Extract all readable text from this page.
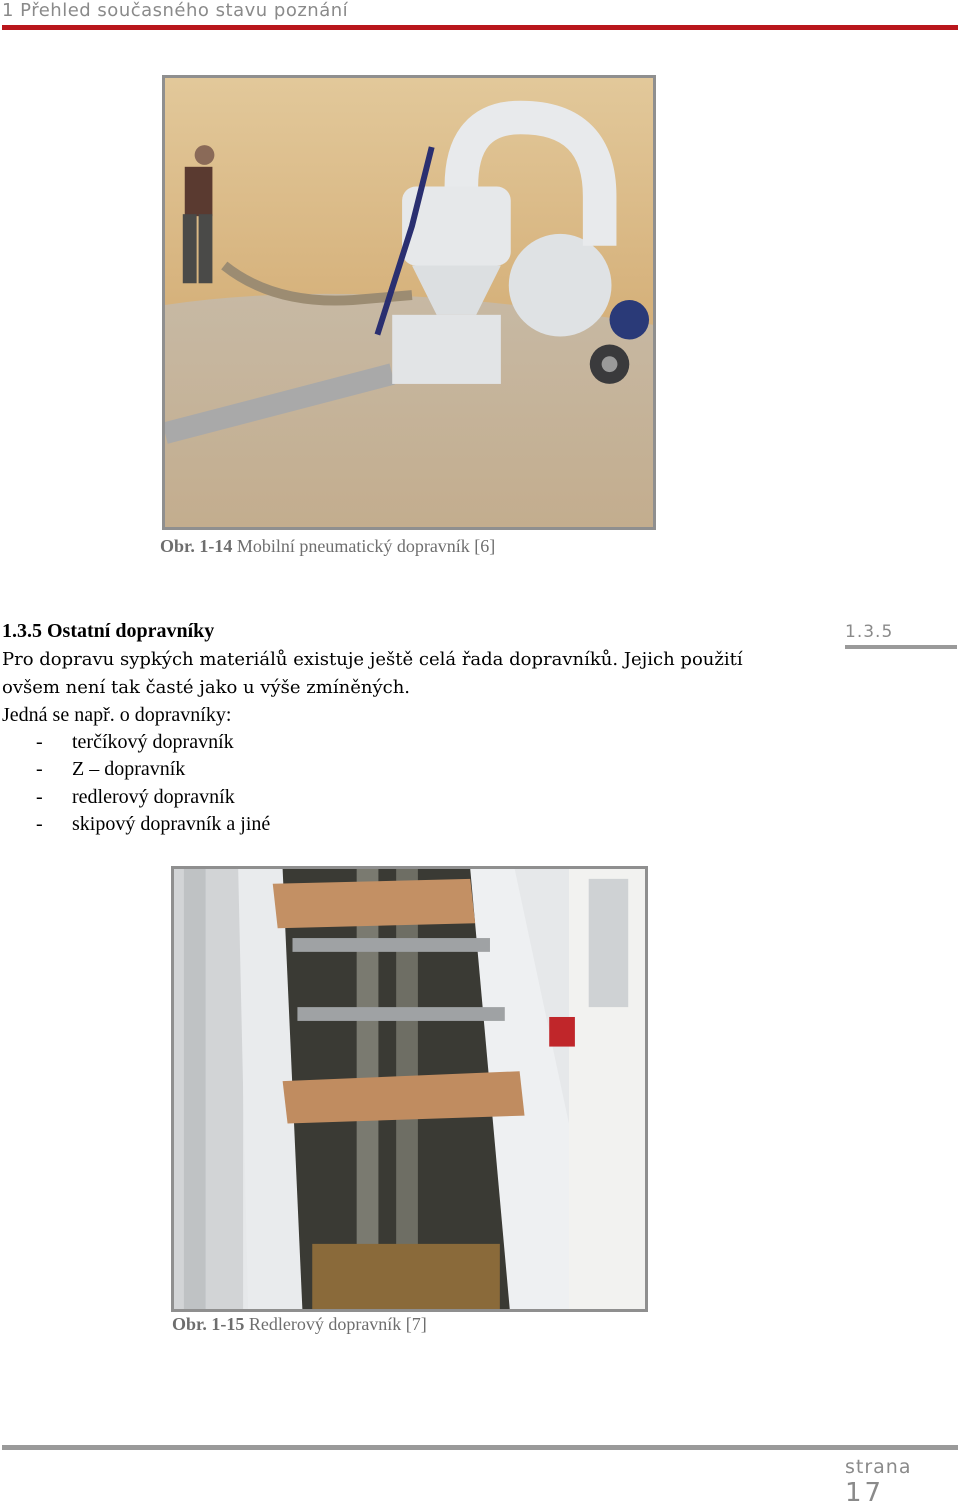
1 Přehled současného stavu poznání
Obr. 1-14 Mobilní pneumatický dopravník [6]
1.3.5 Ostatní dopravníky	1.3.5
Pro dopravu sypkých materiálů existuje ještě celá řada dopravníků. Jejich použití
ovšem není tak časté jako u výše zmíněných.
Jedná se např. o dopravníky:
- terčíkový dopravník
- Z – dopravník
- redlerový dopravník
- skipový dopravník a jiné
Obr. 1-15 Redlerový dopravník [7]
strana
17
